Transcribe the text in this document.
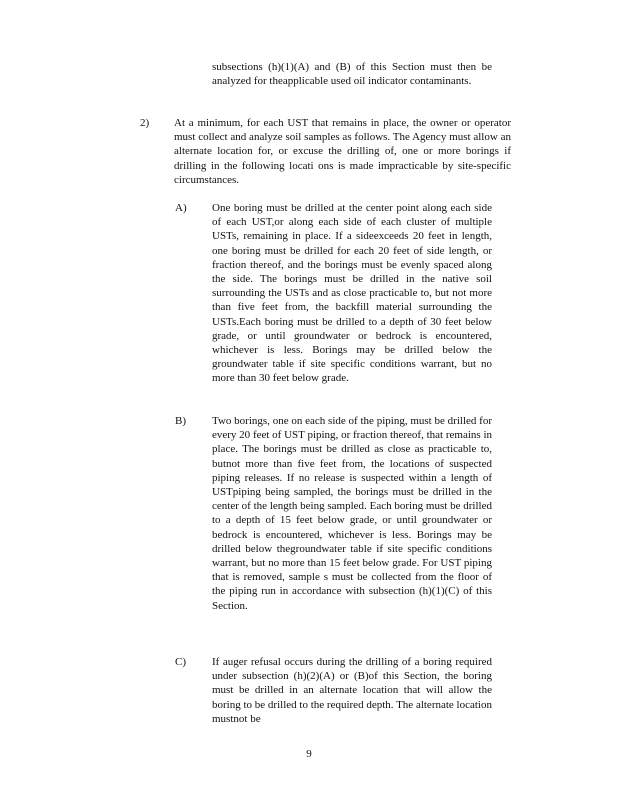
subsections (h)(1)(A) and (B) of this Section must then be analyzed for theapplicable used oil indicator contaminants.
2) At a minimum, for each UST that remains in place, the owner or operator must collect and analyze soil samples as follows. The Agency must allow an alternate location for, or excuse the drilling of, one or more borings if drilling in the following locati ons is made impracticable by site-specific circumstances.
A) One boring must be drilled at the center point along each side of each UST,or along each side of each cluster of multiple USTs, remaining in place. If a sideexceeds 20 feet in length, one boring must be drilled for each 20 feet of side length, or fraction thereof, and the borings must be evenly spaced along the side. The borings must be drilled in the native soil surrounding the USTs and as close practicable to, but not more than five feet from, the backfill material surrounding the USTs.Each boring must be drilled to a depth of 30 feet below grade, or until groundwater or bedrock is encountered, whichever is less. Borings may be drilled below the groundwater table if site specific conditions warrant, but no more than 30 feet below grade.
B) Two borings, one on each side of the piping, must be drilled for every 20 feet of UST piping, or fraction thereof, that remains in place. The borings must be drilled as close as practicable to, butnot more than five feet from, the locations of suspected piping releases. If no release is suspected within a length of USTpiping being sampled, the borings must be drilled in the center of the length being sampled. Each boring must be drilled to a depth of 15 feet below grade, or until groundwater or bedrock is encountered, whichever is less. Borings may be drilled below thegroundwater table if site specific conditions warrant, but no more than 15 feet below grade. For UST piping that is removed, sample s must be collected from the floor of the piping run in accordance with subsection (h)(1)(C) of this Section.
C) If auger refusal occurs during the drilling of a boring required under subsection (h)(2)(A) or (B)of this Section, the boring must be drilled in an alternate location that will allow the boring to be drilled to the required depth. The alternate location mustnot be
9
